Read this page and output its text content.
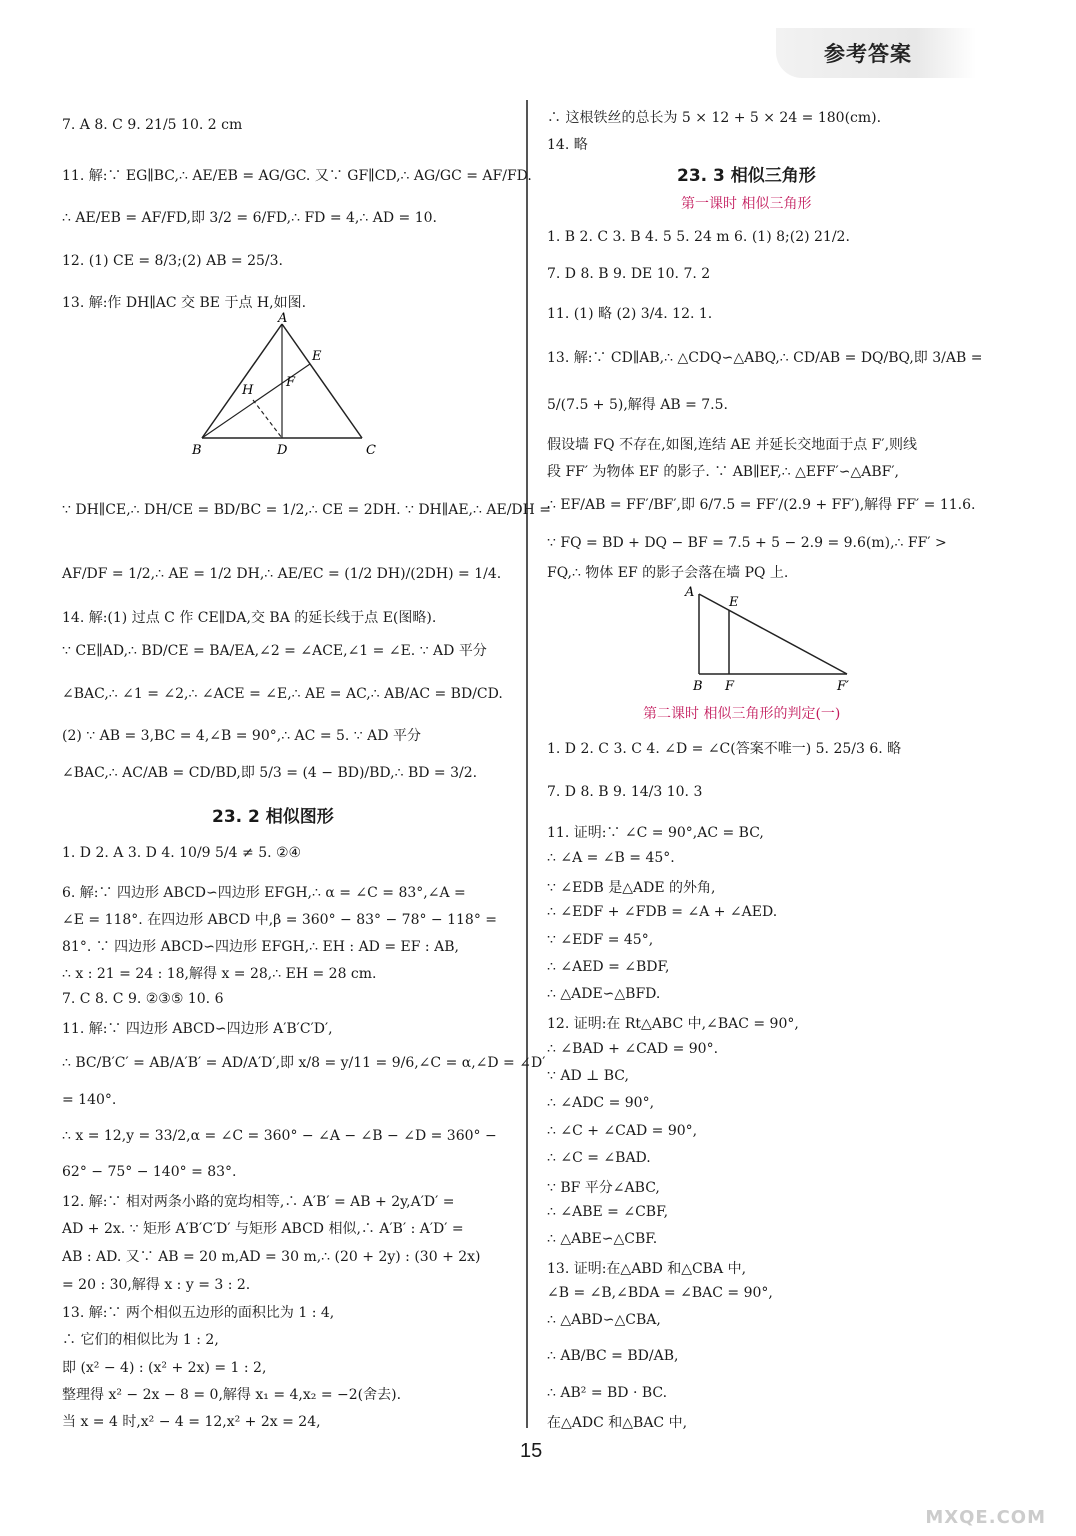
参考答案
7. A 8. C 9. 21/5 10. 2 cm
11. 解:∵ EG∥BC,∴ AE/EB = AG/GC. 又∵ GF∥CD,∴ AG/GC = AF/FD.
∴ AE/EB = AF/FD,即 3/2 = 6/FD,∴ FD = 4,∴ AD = 10.
12. (1) CE = 8/3;(2) AB = 25/3.
13. 解:作 DH∥AC 交 BE 于点 H,如图.
A
B	C
D
E
F
H
∵ DH∥CE,∴ DH/CE = BD/BC = 1/2,∴ CE = 2DH. ∵ DH∥AE,∴ AE/DH =
AF/DF = 1/2,∴ AE = 1/2 DH,∴ AE/EC = (1/2 DH)/(2DH) = 1/4.
14. 解:(1) 过点 C 作 CE∥DA,交 BA 的延长线于点 E(图略).
∵ CE∥AD,∴ BD/CE = BA/EA,∠2 = ∠ACE,∠1 = ∠E. ∵ AD 平分
∠BAC,∴ ∠1 = ∠2,∴ ∠ACE = ∠E,∴ AE = AC,∴ AB/AC = BD/CD.
(2) ∵ AB = 3,BC = 4,∠B = 90°,∴ AC = 5. ∵ AD 平分
∠BAC,∴ AC/AB = CD/BD,即 5/3 = (4 − BD)/BD,∴ BD = 3/2.
23. 2 相似图形
1. D 2. A 3. D 4. 10/9 5/4 ≠ 5. ②④
6. 解:∵ 四边形 ABCD∽四边形 EFGH,∴ α = ∠C = 83°,∠A =
∠E = 118°. 在四边形 ABCD 中,β = 360° − 83° − 78° − 118° =
81°. ∵ 四边形 ABCD∽四边形 EFGH,∴ EH : AD = EF : AB,
∴ x : 21 = 24 : 18,解得 x = 28,∴ EH = 28 cm.
7. C 8. C 9. ②③⑤ 10. 6
11. 解:∵ 四边形 ABCD∽四边形 A′B′C′D′,
∴ BC/B′C′ = AB/A′B′ = AD/A′D′,即 x/8 = y/11 = 9/6,∠C = α,∠D = ∠D′
= 140°.
∴ x = 12,y = 33/2,α = ∠C = 360° − ∠A − ∠B − ∠D = 360° −
62° − 75° − 140° = 83°.
12. 解:∵ 相对两条小路的宽均相等,∴ A′B′ = AB + 2y,A′D′ =
AD + 2x. ∵ 矩形 A′B′C′D′ 与矩形 ABCD 相似,∴ A′B′ : A′D′ =
AB : AD. 又∵ AB = 20 m,AD = 30 m,∴ (20 + 2y) : (30 + 2x)
= 20 : 30,解得 x : y = 3 : 2.
13. 解:∵ 两个相似五边形的面积比为 1 : 4,
∴ 它们的相似比为 1 : 2,
即 (x² − 4) : (x² + 2x) = 1 : 2,
整理得 x² − 2x − 8 = 0,解得 x₁ = 4,x₂ = −2(舍去).
当 x = 4 时,x² − 4 = 12,x² + 2x = 24,
∴ 这根铁丝的总长为 5 × 12 + 5 × 24 = 180(cm).
14. 略
23. 3 相似三角形
第一课时 相似三角形
1. B 2. C 3. B 4. 5 5. 24 m 6. (1) 8;(2) 21/2.
7. D 8. B 9. DE 10. 7. 2
11. (1) 略 (2) 3/4. 12. 1.
13. 解:∵ CD∥AB,∴ △CDQ∽△ABQ,∴ CD/AB = DQ/BQ,即 3/AB =
5/(7.5 + 5),解得 AB = 7.5.
假设墙 FQ 不存在,如图,连结 AE 并延长交地面于点 F′,则线
段 FF′ 为物体 EF 的影子. ∵ AB∥EF,∴ △EFF′∽△ABF′,
∴ EF/AB = FF′/BF′,即 6/7.5 = FF′/(2.9 + FF′),解得 FF′ = 11.6.
∵ FQ = BD + DQ − BF = 7.5 + 5 − 2.9 = 9.6(m),∴ FF′ >
FQ,∴ 物体 EF 的影子会落在墙 PQ 上.
A
B
E
F	F′
第二课时 相似三角形的判定(一)
1. D 2. C 3. C 4. ∠D = ∠C(答案不唯一) 5. 25/3 6. 略
7. D 8. B 9. 14/3 10. 3
11. 证明:∵ ∠C = 90°,AC = BC,
∴ ∠A = ∠B = 45°.
∵ ∠EDB 是△ADE 的外角,
∴ ∠EDF + ∠FDB = ∠A + ∠AED.
∵ ∠EDF = 45°,
∴ ∠AED = ∠BDF,
∴ △ADE∽△BFD.
12. 证明:在 Rt△ABC 中,∠BAC = 90°,
∴ ∠BAD + ∠CAD = 90°.
∵ AD ⊥ BC,
∴ ∠ADC = 90°,
∴ ∠C + ∠CAD = 90°,
∴ ∠C = ∠BAD.
∵ BF 平分∠ABC,
∴ ∠ABE = ∠CBF,
∴ △ABE∽△CBF.
13. 证明:在△ABD 和△CBA 中,
∠B = ∠B,∠BDA = ∠BAC = 90°,
∴ △ABD∽△CBA,
∴ AB/BC = BD/AB,
∴ AB² = BD · BC.
在△ADC 和△BAC 中,
15
MXQE.COM
